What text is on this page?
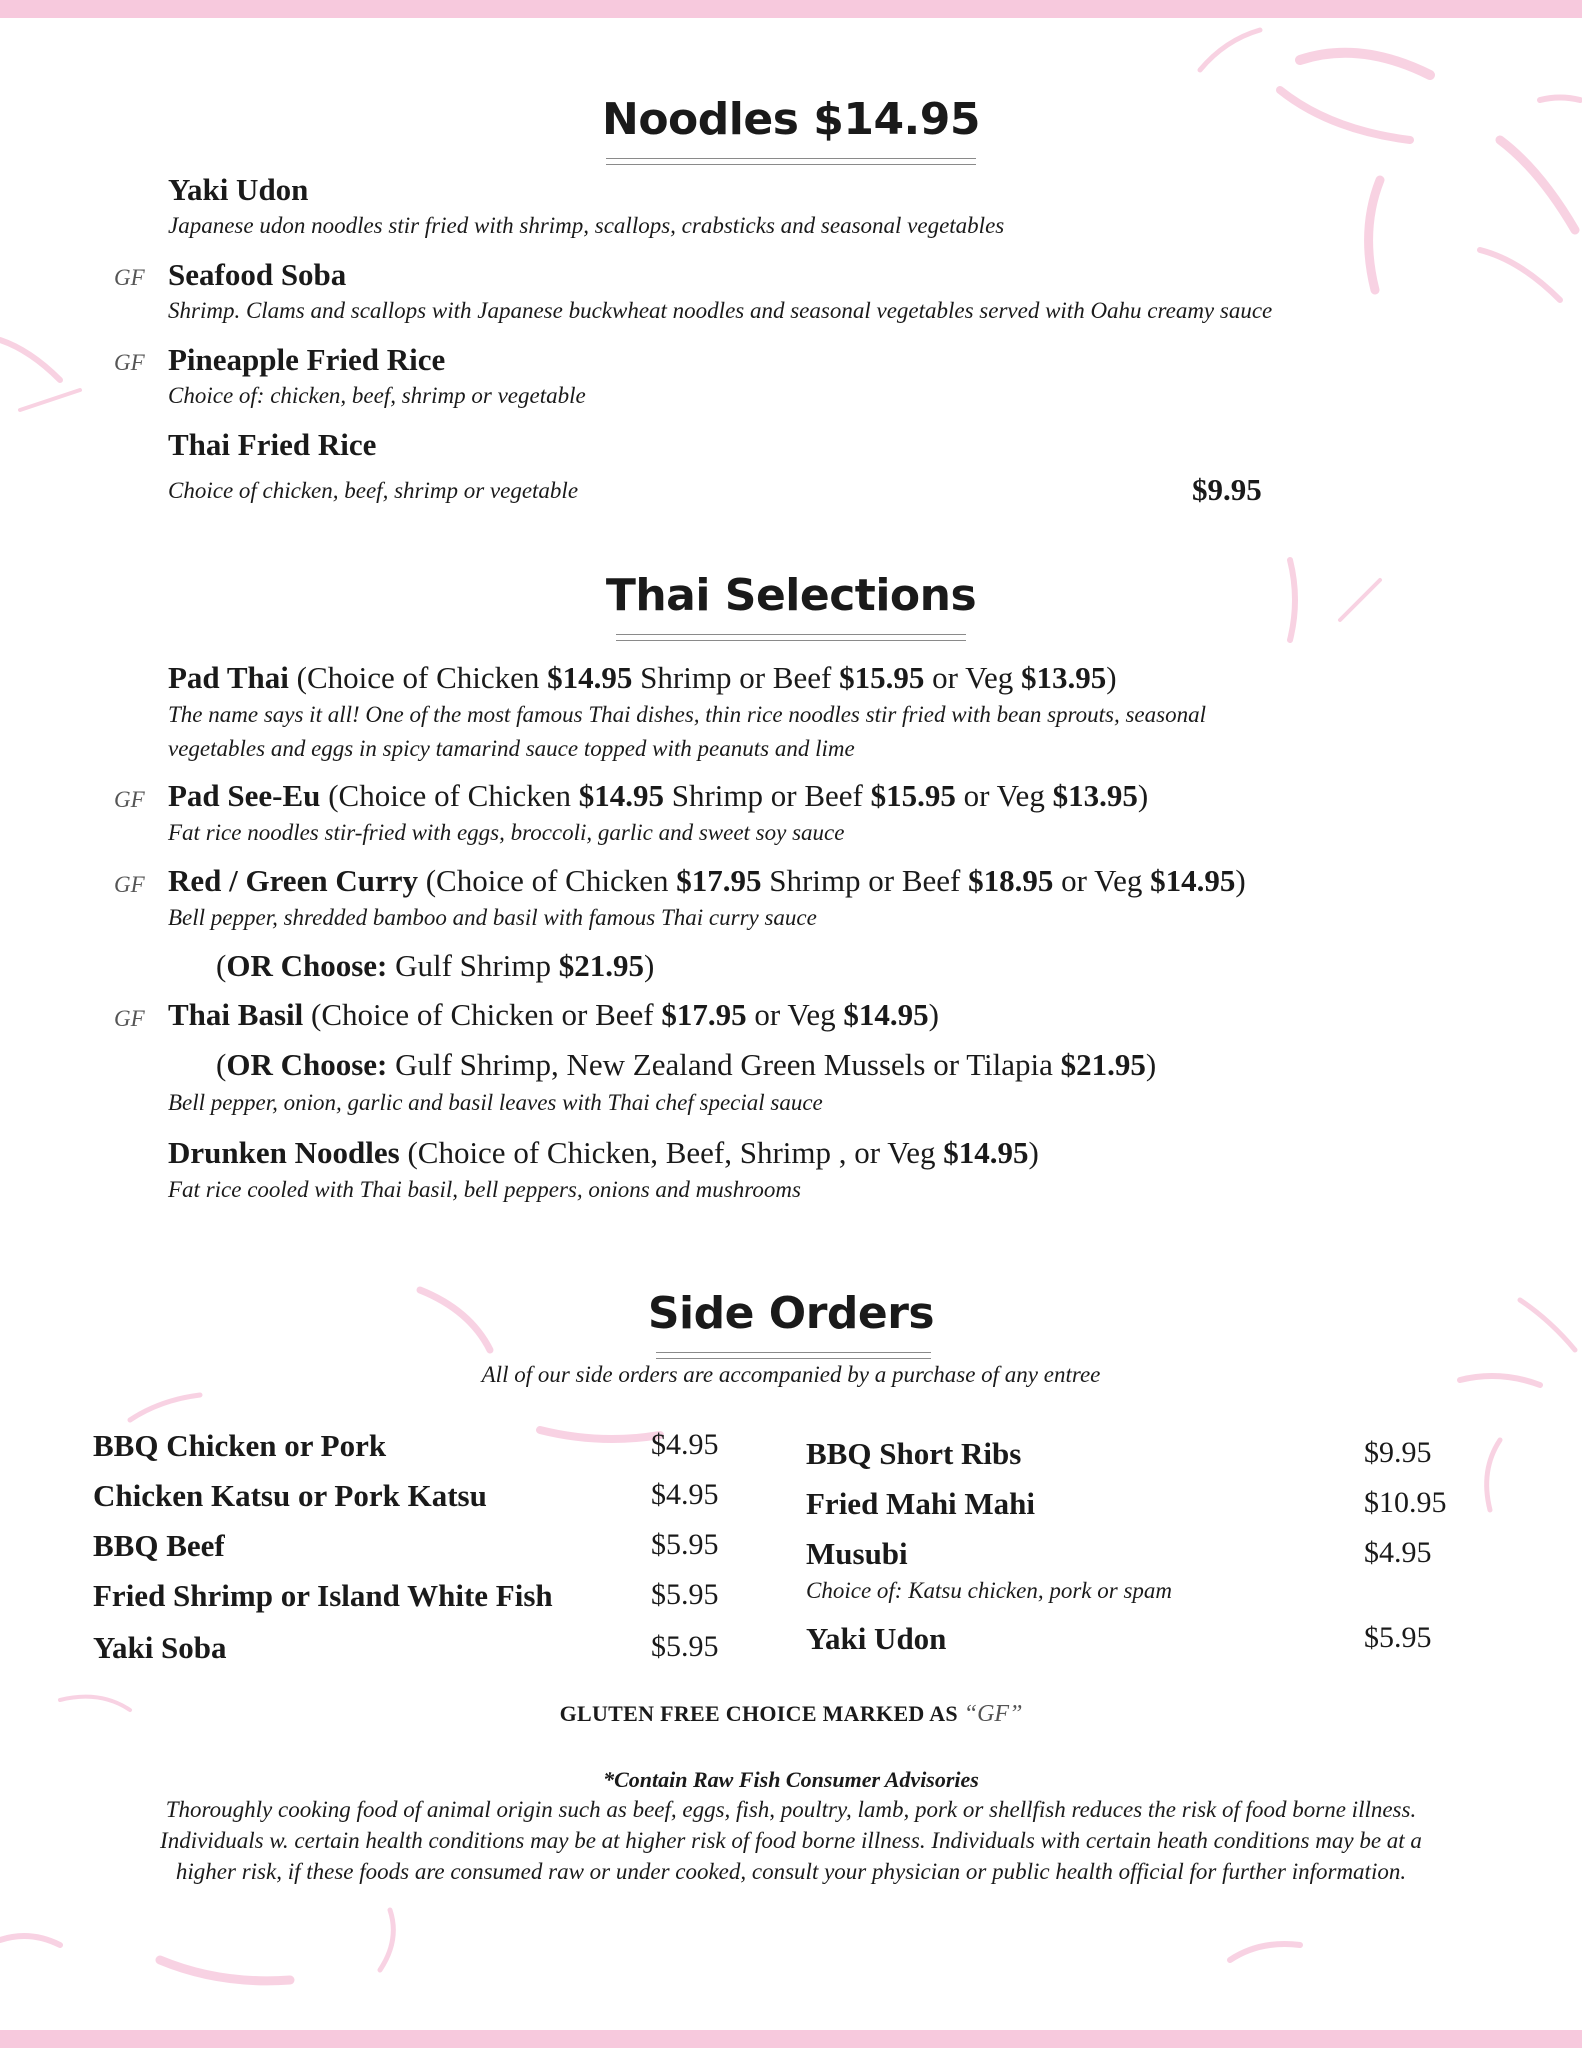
Noodles $14.95
Yaki Udon
Japanese udon noodles stir fried with shrimp, scallops, crabsticks and seasonal vegetables
GF Seafood Soba
Shrimp. Clams and scallops with Japanese buckwheat noodles and seasonal vegetables served with Oahu creamy sauce
GF Pineapple Fried Rice
Choice of: chicken, beef, shrimp or vegetable
Thai Fried Rice
Choice of chicken, beef, shrimp or vegetable	$9.95
Thai Selections
Pad Thai (Choice of Chicken $14.95 Shrimp or Beef $15.95 or Veg $13.95)
The name says it all! One of the most famous Thai dishes, thin rice noodles stir fried with bean sprouts, seasonal
vegetables and eggs in spicy tamarind sauce topped with peanuts and lime
GF Pad See-Eu (Choice of Chicken $14.95 Shrimp or Beef $15.95 or Veg $13.95)
Fat rice noodles stir-fried with eggs, broccoli, garlic and sweet soy sauce
GF Red / Green Curry (Choice of Chicken $17.95 Shrimp or Beef $18.95 or Veg $14.95)
Bell pepper, shredded bamboo and basil with famous Thai curry sauce
(OR Choose: Gulf Shrimp $21.95)
GF Thai Basil (Choice of Chicken or Beef $17.95 or Veg $14.95)
(OR Choose: Gulf Shrimp, New Zealand Green Mussels or Tilapia $21.95)
Bell pepper, onion, garlic and basil leaves with Thai chef special sauce
Drunken Noodles (Choice of Chicken, Beef, Shrimp , or Veg $14.95)
Fat rice cooled with Thai basil, bell peppers, onions and mushrooms
Side Orders
All of our side orders are accompanied by a purchase of any entree
BBQ Chicken or Pork	$4.95
Chicken Katsu or Pork Katsu	$4.95
BBQ Beef	$5.95
Fried Shrimp or Island White Fish	$5.95
Yaki Soba	$5.95
BBQ Short Ribs	$9.95
Fried Mahi Mahi	$10.95
Musubi	$4.95
Choice of: Katsu chicken, pork or spam
Yaki Udon	$5.95
GLUTEN FREE CHOICE MARKED AS “GF”
*Contain Raw Fish Consumer Advisories
Thoroughly cooking food of animal origin such as beef, eggs, fish, poultry, lamb, pork or shellfish reduces the risk of food borne illness.
Individuals w. certain health conditions may be at higher risk of food borne illness. Individuals with certain heath conditions may be at a
higher risk, if these foods are consumed raw or under cooked, consult your physician or public health official for further information.
